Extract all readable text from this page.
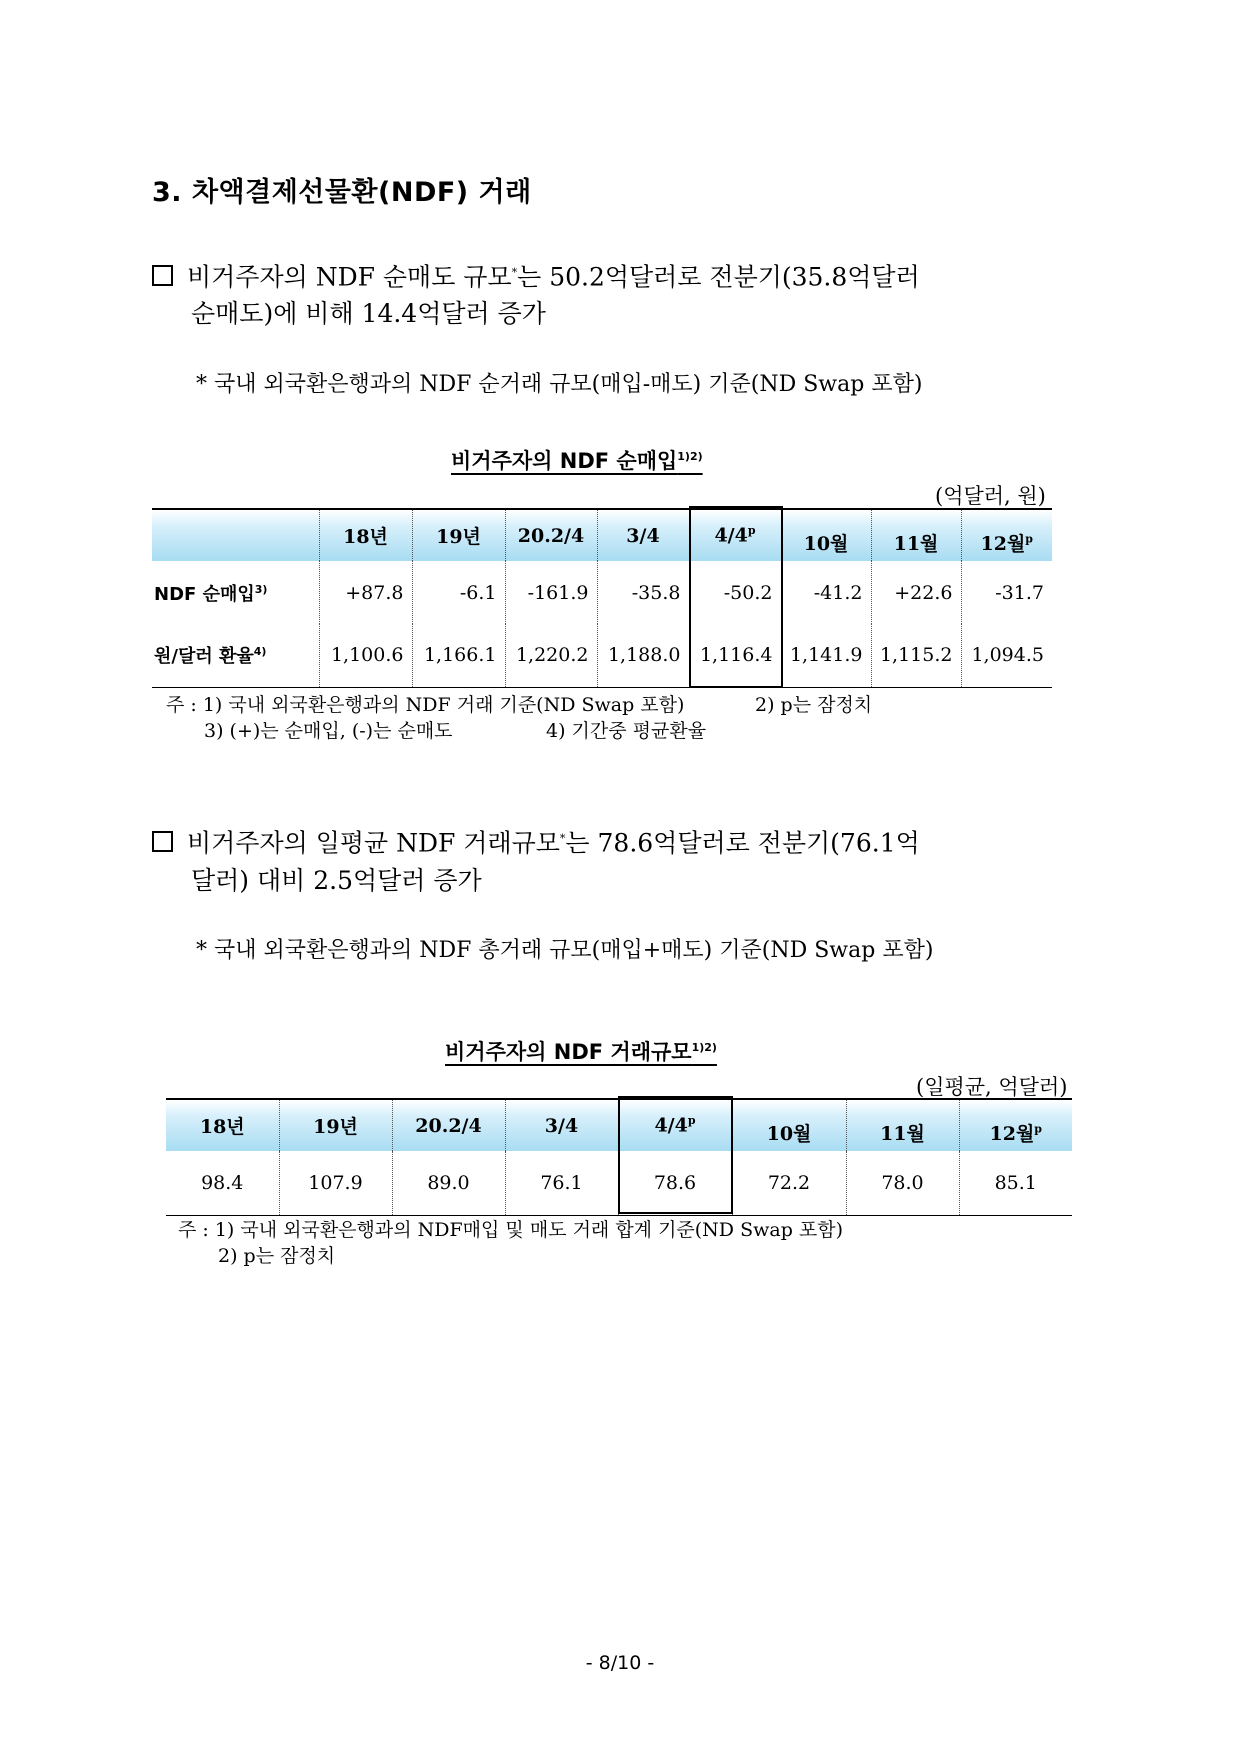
3. 차액결제선물환(NDF) 거래
비거주자의 NDF 순매도 규모*는 50.2억달러로 전분기(35.8억달러
순매도)에 비해 14.4억달러 증가
* 국내 외국환은행과의 NDF 순거래 규모(매입-매도) 기준(ND Swap 포함)
비거주자의 NDF 순매입$^{1)2)}$
(억달러, 원)
	18년	19년	20.2/4	3/4	4/4$^p$	10월	11월	12월$^p$
NDF 순매입$^{3)}$	+87.8	-6.1	-161.9	-35.8	-50.2	-41.2	+22.6	-31.7
원/달러 환율$^{4)}$	1,100.6	1,166.1	1,220.2	1,188.0	1,116.4	1,141.9	1,115.2	1,094.5
주 : 1) 국내 외국환은행과의 NDF 거래 기준(ND Swap 포함)	2) p는 잠정치
3) (+)는 순매입, (-)는 순매도	4) 기간중 평균환율
비거주자의 일평균 NDF 거래규모*는 78.6억달러로 전분기(76.1억
달러) 대비 2.5억달러 증가
* 국내 외국환은행과의 NDF 총거래 규모(매입+매도) 기준(ND Swap 포함)
비거주자의 NDF 거래규모$^{1)2)}$
(일평균, 억달러)
18년	19년	20.2/4	3/4	4/4$^p$	10월	11월	12월$^p$
98.4	107.9	89.0	76.1	78.6	72.2	78.0	85.1
주 : 1) 국내 외국환은행과의 NDF매입 및 매도 거래 합계 기준(ND Swap 포함)
2) p는 잠정치
- 8/10 -
